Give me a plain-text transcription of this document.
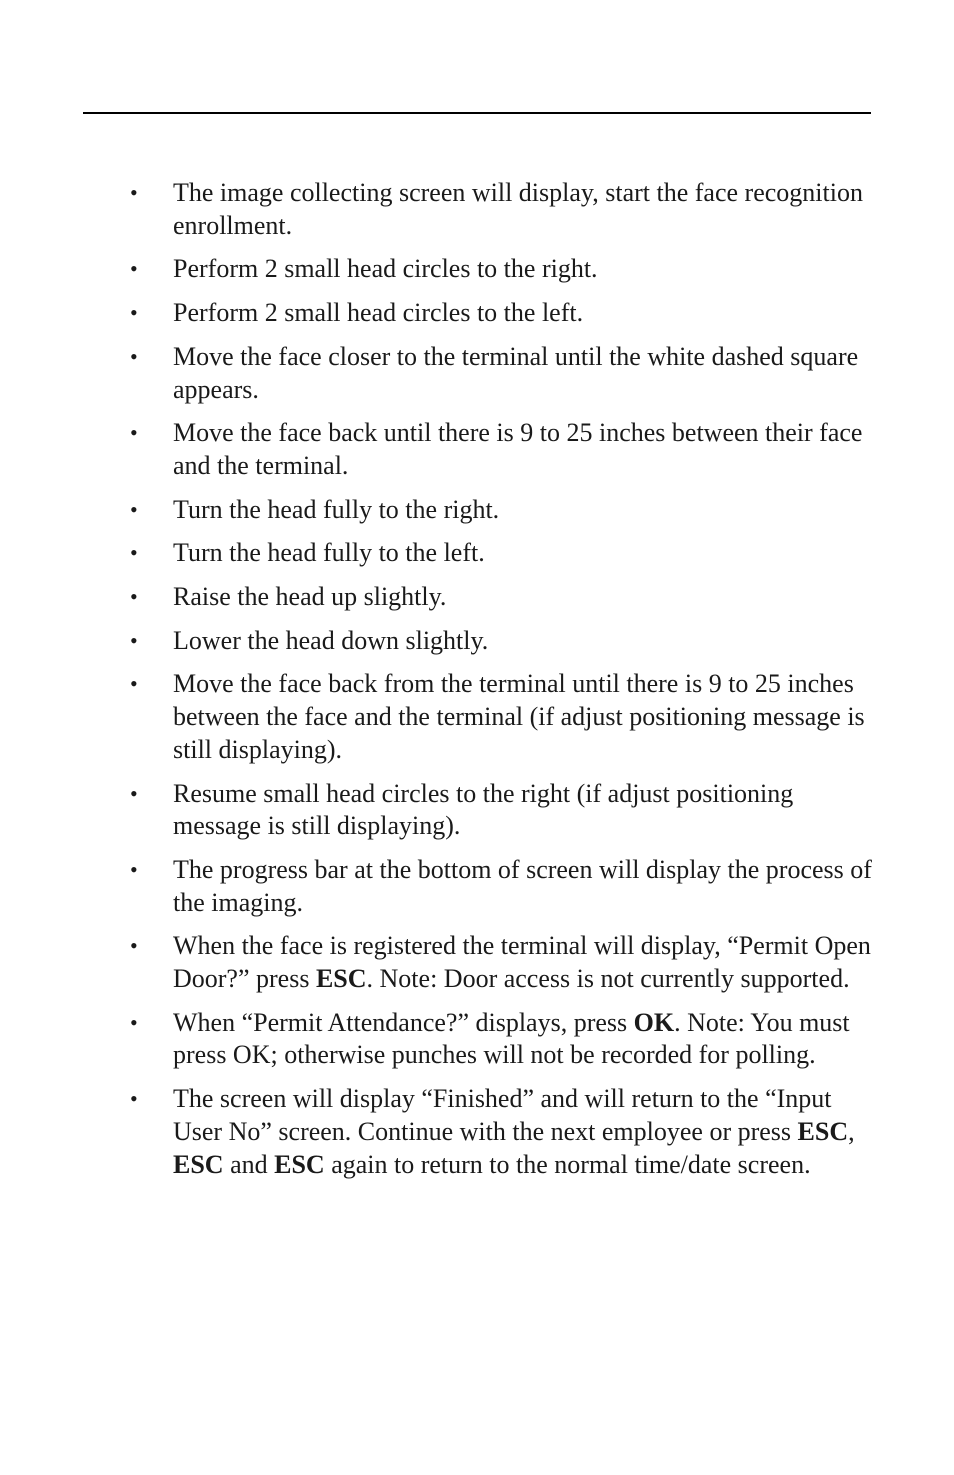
• The image collecting screen will display, start the face recognition enrollment.
• Perform 2 small head circles to the right.
• Perform 2 small head circles to the left.
• Move the face closer to the terminal until the white dashed square appears.
• Move the face back until there is 9 to 25 inches between their face and the terminal.
• Turn the head fully to the right.
• Turn the head fully to the left.
• Raise the head up slightly.
• Lower the head down slightly.
• Move the face back from the terminal until there is 9 to 25 inches between the face and the terminal (if adjust positioning message is still displaying).
• Resume small head circles to the right (if adjust positioning message is still displaying).
• The progress bar at the bottom of screen will display the process of the imaging.
• When the face is registered the terminal will display, “Permit Open Door?” press ESC. Note: Door access is not currently supported.
• When “Permit Attendance?” displays, press OK. Note: You must press OK; otherwise punches will not be recorded for polling.
• The screen will display “Finished” and will return to the “Input User No” screen. Continue with the next employee or press ESC, ESC and ESC again to return to the normal time/date screen.
